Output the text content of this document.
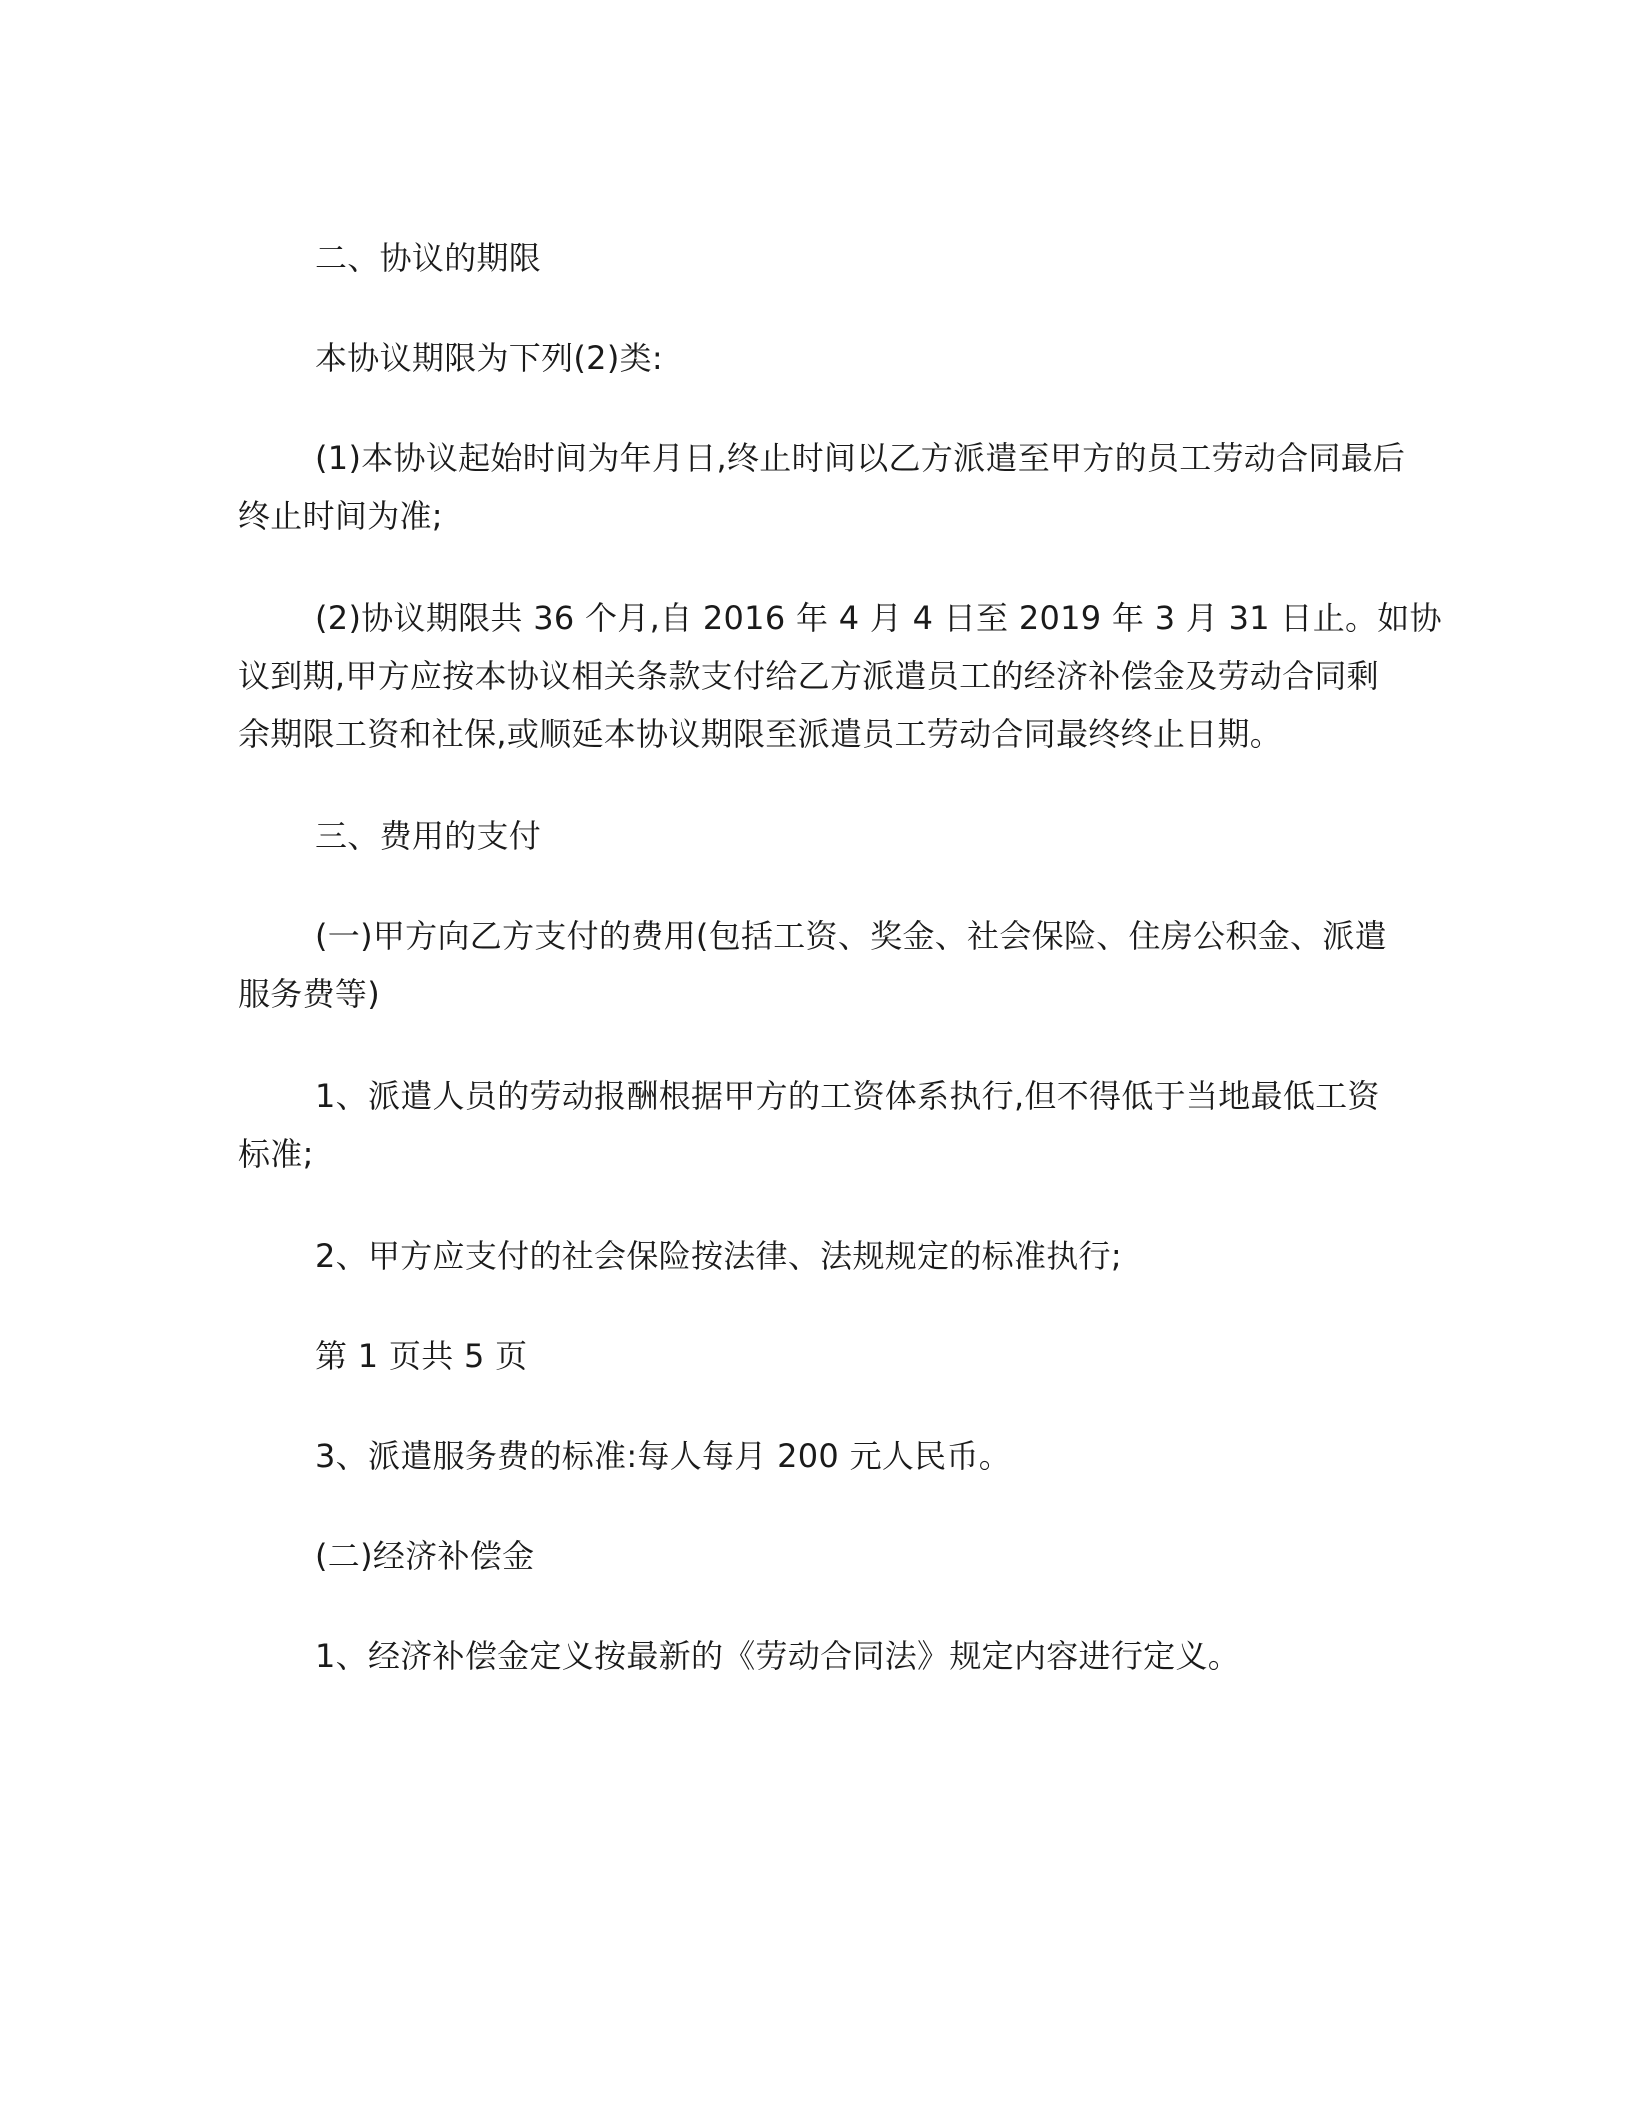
二、协议的期限

本协议期限为下列(2)类:

(1)本协议起始时间为年月日,终止时间以乙方派遣至甲方的员工劳动合同最后

终止时间为准;

(2)协议期限共 36 个月,自 2016 年 4 月 4 日至 2019 年 3 月 31 日止。如协

议到期,甲方应按本协议相关条款支付给乙方派遣员工的经济补偿金及劳动合同剩

余期限工资和社保,或顺延本协议期限至派遣员工劳动合同最终终止日期。

三、费用的支付

(一)甲方向乙方支付的费用(包括工资、奖金、社会保险、住房公积金、派遣

服务费等)

1、派遣人员的劳动报酬根据甲方的工资体系执行,但不得低于当地最低工资

标准;

2、甲方应支付的社会保险按法律、法规规定的标准执行;

第 1 页共 5 页

3、派遣服务费的标准:每人每月 200 元人民币。

(二)经济补偿金

1、经济补偿金定义按最新的《劳动合同法》规定内容进行定义。
